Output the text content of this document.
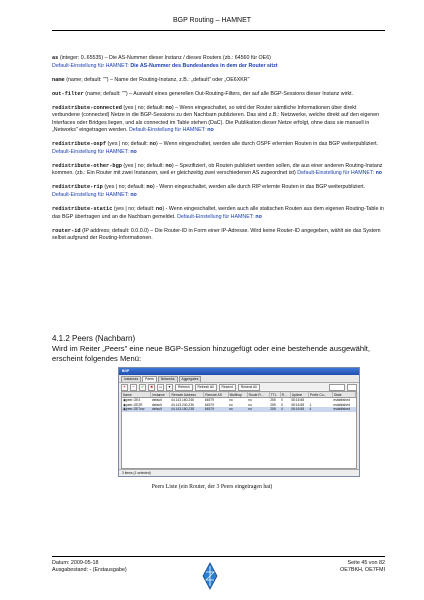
BGP Routing – HAMNET

as (integer: 0..65535) – Die AS-Nummer dieser Instanz / dieses Routers (zb.: 64560 für OE6)
Default-Einstellung für HAMNET: Die AS-Nummer des Bundeslandes in dem der Router sitzt

name (name; default: "") – Name der Routing-Instanz, z.B.: „default" oder „OE6XKR"

out-filter (name; default: "") – Auswahl eines generellen Out-Routing-Filters, der auf alle BGP-Sessions dieser Instanz wirkt.

redistribute-connected (yes | no; default: no) – Wenn eingeschaltet, so wird der Router sämtliche Informationen über direkt verbundene (connected) Netze in die BGP-Sessions zu den Nachbarn publizieren. Das sind z.B.: Netzwerke, welche direkt auf den eigenen Interfaces oder Bridges liegen, und als connected im Table stehen (DaC). Die Publikation dieser Netze erfolgt, ohne dass sie manuell in „Networks" eingetragen werden. Default-Einstellung für HAMNET: no

redistribute-ospf (yes | no; default: no) – Wenn eingeschaltet, werden alle durch OSPF erlernten Routen in das BGP weiterpubliziert. Default-Einstellung für HAMNET: no

redistribute-other-bgp (yes | no; default: no) – Spezifiziert, ob Routen publiziert werden sollen, die aus einer anderen Routing-Instanz kommen. (zb.: Ein Router mit zwei Instanzen, weil er gleichzeitig zwei verschiedenen AS zugeordnet ist) Default-Einstellung für HAMNET: no

redistribute-rip (yes | no; default: no) - Wenn eingeschaltet, werden alle durch RIP erlernte Routen in das BGP weiterpubliziert. Default-Einstellung für HAMNET: no

redistribute-static (yes | no; default: no) - Wenn eingeschaltet, werden auch alle statischen Routen aus dem eigenen Routing-Table in das BGP übertragen und an die Nachbarn gemeldet. Default-Einstellung für HAMNET: no

router-id (IP address; default: 0.0.0.0) – Die Router-ID in Form einer IP-Adresse. Wird keine Router-ID angegeben, wählt sie das System selbst aufgrund der Routing-Informationen.

4.1.2 Peers (Nachbarn)
Wird im Reiter „Peers" eine neue BGP-Session hinzugefügt oder eine bestehende ausgewählt, erscheint folgendes Menü:
BGP
Instances	Peers	Networks	Aggregates
+	−	✔	✖	▭	▼	Refresh	Refresh All	Resend	Resend All
Name	Instance	Remote Address	Remote AS	Multihop	Route R...	TTL	R...	Uptime	Prefix Co...	State
◉peer-OE4	default	44.143.160.246	64579	no	no	255	0	08:16:58		established
◉peer-OE2R	default	44.143.240.236	64579	no	no	255	0	08:16:58	1	established
◉peer-OE7nw	default	44.143.160.238	64579	no	no	255	4	08:16:58	4	established
3 items (1 selected)
Peers Liste (ein Router, der 3 Peers eingetragen hat)
Datum: 2009-05-18
Ausgabestand: - (Erstausgabe)
Seite 45 von 82
OE7BKH, OE7FMI
